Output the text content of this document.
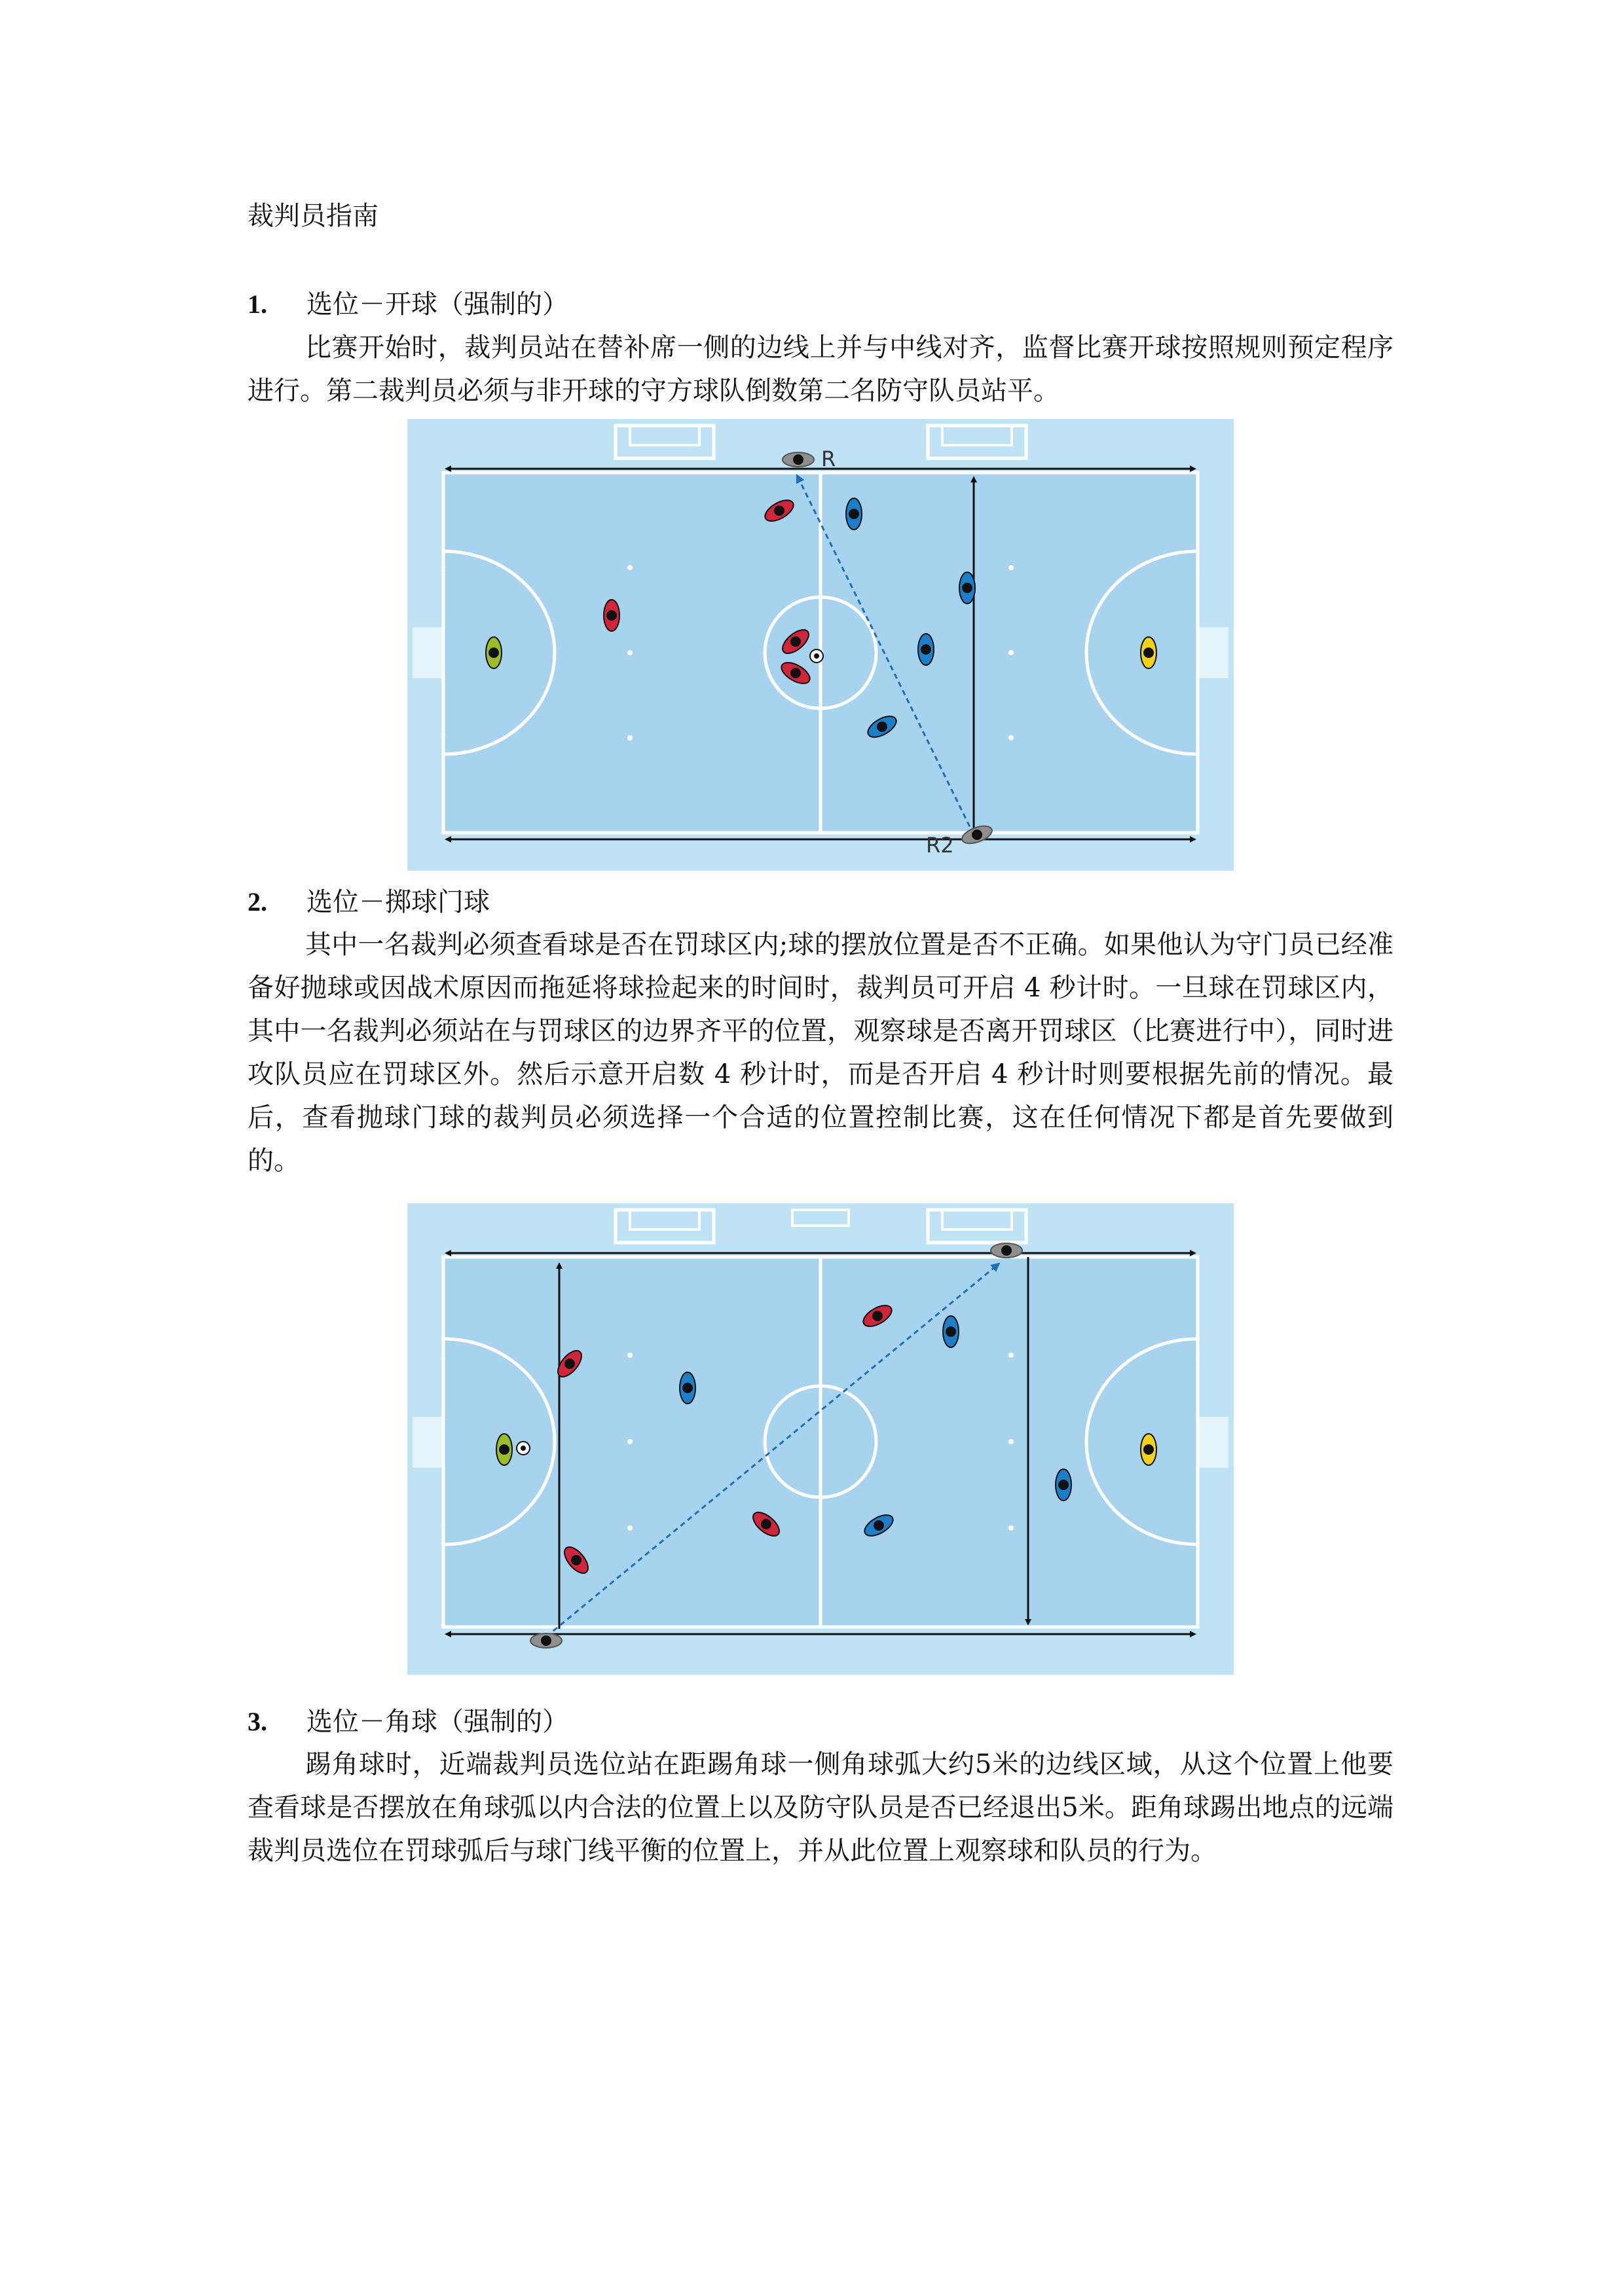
裁判员指南
1. 选位－开球（强制的）
比赛开始时，裁判员站在替补席一侧的边线上并与中线对齐，监督比赛开球按照规则预定程序进行。第二裁判员必须与非开球的守方球队倒数第二名防守队员站平。
R
R2
2. 选位－掷球门球
其中一名裁判必须查看球是否在罚球区内;球的摆放位置是否不正确。如果他认为守门员已经准备好抛球或因战术原因而拖延将球捡起来的时间时，裁判员可开启 4 秒计时。一旦球在罚球区内，其中一名裁判必须站在与罚球区的边界齐平的位置，观察球是否离开罚球区（比赛进行中），同时进攻队员应在罚球区外。然后示意开启数 4 秒计时，而是否开启 4 秒计时则要根据先前的情况。最后，查看抛球门球的裁判员必须选择一个合适的位置控制比赛，这在任何情况下都是首先要做到的。
3. 选位－角球（强制的）
踢角球时，近端裁判员选位站在距踢角球一侧角球弧大约5米的边线区域，从这个位置上他要查看球是否摆放在角球弧以内合法的位置上以及防守队员是否已经退出5米。距角球踢出地点的远端裁判员选位在罚球弧后与球门线平衡的位置上，并从此位置上观察球和队员的行为。
